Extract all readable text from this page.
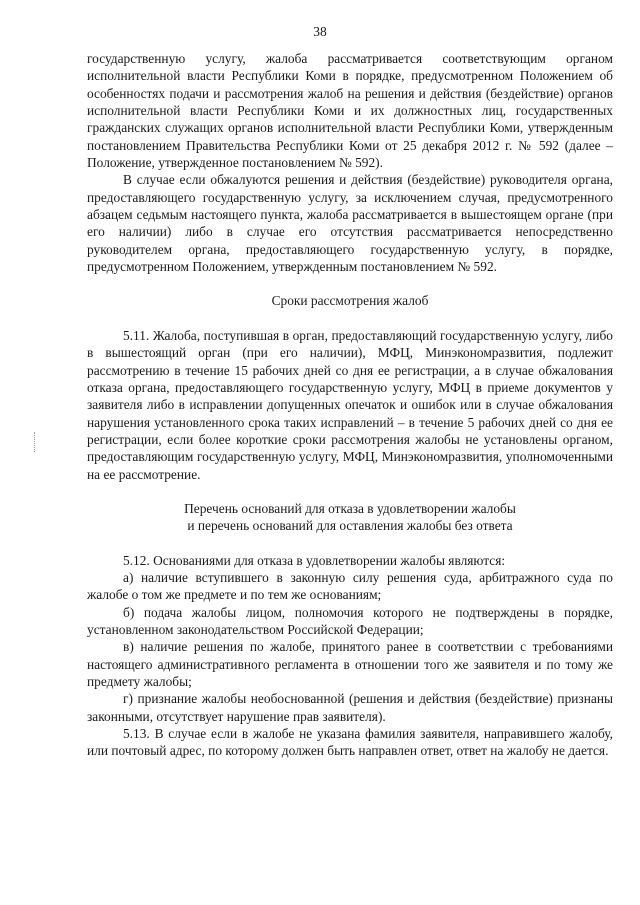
38

государственную услугу, жалоба рассматривается соответствующим органом исполнительной власти Республики Коми в порядке, предусмотренном Положением об особенностях подачи и рассмотрения жалоб на решения и действия (бездействие) органов исполнительной власти Республики Коми и их должностных лиц, государственных гражданских служащих органов исполнительной власти Республики Коми, утвержденным постановлением Правительства Республики Коми от 25 декабря 2012 г. № 592 (далее – Положение, утвержденное постановлением № 592).

В случае если обжалуются решения и действия (бездействие) руководителя органа, предоставляющего государственную услугу, за исключением случая, предусмотренного абзацем седьмым настоящего пункта, жалоба рассматривается в вышестоящем органе (при его наличии) либо в случае его отсутствия рассматривается непосредственно руководителем органа, предоставляющего государственную услугу, в порядке, предусмотренном Положением, утвержденным постановлением № 592.

Сроки рассмотрения жалоб

5.11. Жалоба, поступившая в орган, предоставляющий государственную услугу, либо в вышестоящий орган (при его наличии), МФЦ, Минэкономразвития, подлежит рассмотрению в течение 15 рабочих дней со дня ее регистрации, а в случае обжалования отказа органа, предоставляющего государственную услугу, МФЦ в приеме документов у заявителя либо в исправлении допущенных опечаток и ошибок или в случае обжалования нарушения установленного срока таких исправлений – в течение 5 рабочих дней со дня ее регистрации, если более короткие сроки рассмотрения жалобы не установлены органом, предоставляющим государственную услугу, МФЦ, Минэкономразвития, уполномоченными на ее рассмотрение.

Перечень оснований для отказа в удовлетворении жалобы

и перечень оснований для оставления жалобы без ответа

5.12. Основаниями для отказа в удовлетворении жалобы являются:

а) наличие вступившего в законную силу решения суда, арбитражного суда по жалобе о том же предмете и по тем же основаниям;

б) подача жалобы лицом, полномочия которого не подтверждены в порядке, установленном законодательством Российской Федерации;

в) наличие решения по жалобе, принятого ранее в соответствии с требованиями настоящего административного регламента в отношении того же заявителя и по тому же предмету жалобы;

г) признание жалобы необоснованной (решения и действия (бездействие) признаны законными, отсутствует нарушение прав заявителя).

5.13. В случае если в жалобе не указана фамилия заявителя, направившего жалобу, или почтовый адрес, по которому должен быть направлен ответ, ответ на жалобу не дается.
